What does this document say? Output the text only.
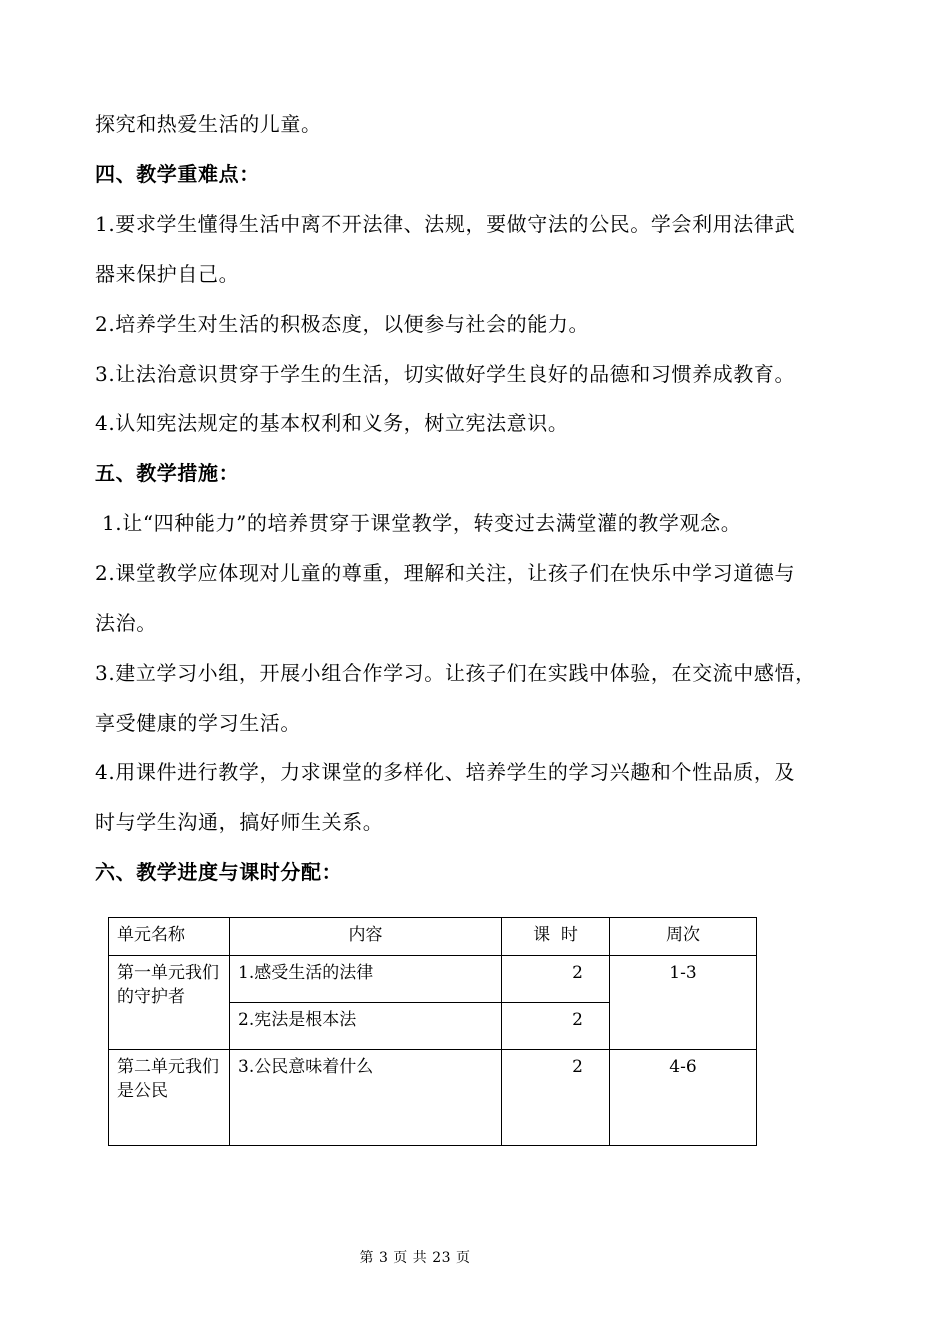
探究和热爱生活的儿童。
四、教学重难点：
1.要求学生懂得生活中离不开法律、法规，要做守法的公民。学会利用法律武
器来保护自己。
2.培养学生对生活的积极态度，以便参与社会的能力。
3.让法治意识贯穿于学生的生活，切实做好学生良好的品德和习惯养成教育。
4.认知宪法规定的基本权利和义务，树立宪法意识。
五、教学措施：
1.让“四种能力”的培养贯穿于课堂教学，转变过去满堂灌的教学观念。
2.课堂教学应体现对儿童的尊重，理解和关注，让孩子们在快乐中学习道德与
法治。
3.建立学习小组，开展小组合作学习。让孩子们在实践中体验，在交流中感悟，
享受健康的学习生活。
4.用课件进行教学，力求课堂的多样化、培养学生的学习兴趣和个性品质，及
时与学生沟通，搞好师生关系。
六、教学进度与课时分配：
单元名称	内容	课  时	周次
第一单元我们的守护者	1.感受生活的法律	2	1-3
	2.宪法是根本法	2	
第二单元我们是公民	3.公民意味着什么	2	4-6
第 3 页 共 23 页
